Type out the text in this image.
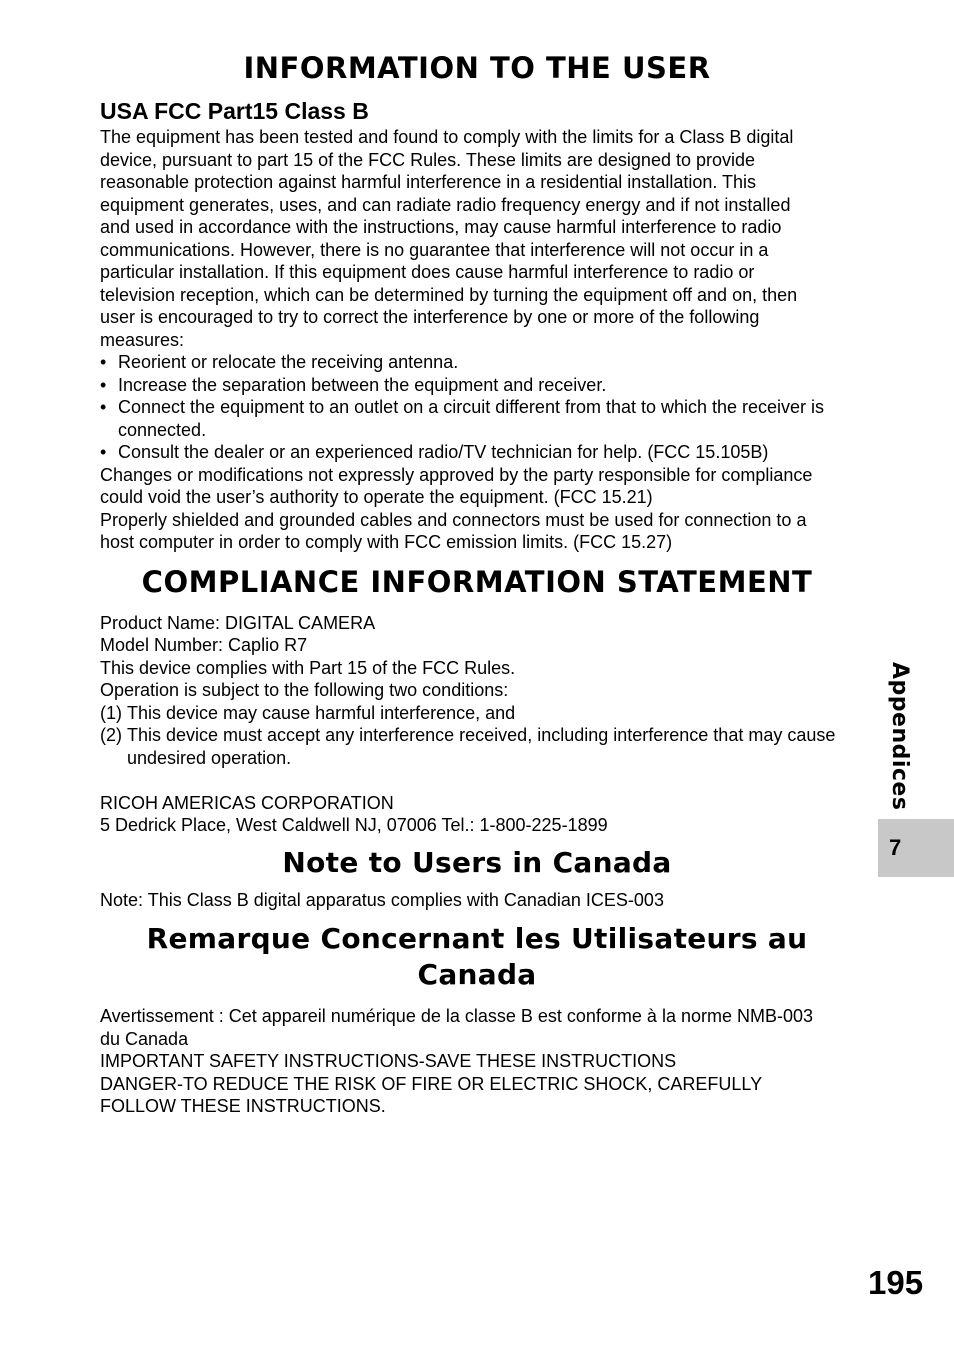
INFORMATION TO THE USER
USA FCC Part15 Class B

The equipment has been tested and found to comply with the limits for a Class B digital

device, pursuant to part 15 of the FCC Rules. These limits are designed to provide

reasonable protection against harmful interference in a residential installation. This

equipment generates, uses, and can radiate radio frequency energy and if not installed

and used in accordance with the instructions, may cause harmful interference to radio

communications. However, there is no guarantee that interference will not occur in a

particular installation. If this equipment does cause harmful interference to radio or

television reception, which can be determined by turning the equipment off and on, then

user is encouraged to try to correct the interference by one or more of the following

measures:

• Reorient or relocate the receiving antenna.
• Increase the separation between the equipment and receiver.
• Connect the equipment to an outlet on a circuit different from that to which the receiver is connected.
• Consult the dealer or an experienced radio/TV technician for help. (FCC 15.105B)

Changes or modifications not expressly approved by the party responsible for compliance

could void the user’s authority to operate the equipment. (FCC 15.21)

Properly shielded and grounded cables and connectors must be used for connection to a

host computer in order to comply with FCC emission limits. (FCC 15.27)

COMPLIANCE INFORMATION STATEMENT

Product Name: DIGITAL CAMERA

Model Number: Caplio R7

This device complies with Part 15 of the FCC Rules.

Operation is subject to the following two conditions:

(1) This device may cause harmful interference, and
(2) This device must accept any interference received, including interference that may cause undesired operation.

RICOH AMERICAS CORPORATION

5 Dedrick Place, West Caldwell NJ, 07006 Tel.: 1-800-225-1899

Note to Users in Canada

Note: This Class B digital apparatus complies with Canadian ICES-003

Remarque Concernant les Utilisateurs au
Canada

Avertissement : Cet appareil numérique de la classe B est conforme à la norme NMB-003

du Canada

IMPORTANT SAFETY INSTRUCTIONS-SAVE THESE INSTRUCTIONS

DANGER-TO REDUCE THE RISK OF FIRE OR ELECTRIC SHOCK, CAREFULLY

FOLLOW THESE INSTRUCTIONS.

Appendices
7
195
